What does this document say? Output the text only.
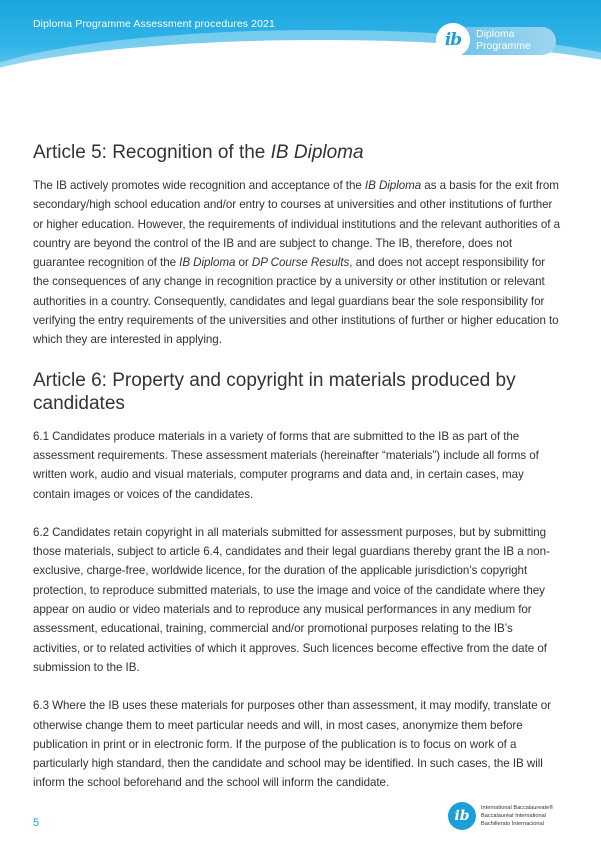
Diploma Programme Assessment procedures 2021
ib Diploma
Programme
Article 5: Recognition of the IB Diploma

The IB actively promotes wide recognition and acceptance of the IB Diploma as a basis for the exit from secondary/high school education and/or entry to courses at universities and other institutions of further or higher education. However, the requirements of individual institutions and the relevant authorities of a country are beyond the control of the IB and are subject to change. The IB, therefore, does not guarantee recognition of the IB Diploma or DP Course Results, and does not accept responsibility for the consequences of any change in recognition practice by a university or other institution or relevant authorities in a country. Consequently, candidates and legal guardians bear the sole responsibility for verifying the entry requirements of the universities and other institutions of further or higher education to which they are interested in applying.

Article 6: Property and copyright in materials produced by candidates

6.1 Candidates produce materials in a variety of forms that are submitted to the IB as part of the assessment requirements. These assessment materials (hereinafter “materials”) include all forms of written work, audio and visual materials, computer programs and data and, in certain cases, may contain images or voices of the candidates.

6.2 Candidates retain copyright in all materials submitted for assessment purposes, but by submitting those materials, subject to article 6.4, candidates and their legal guardians thereby grant the IB a non-exclusive, charge-free, worldwide licence, for the duration of the applicable jurisdiction’s copyright protection, to reproduce submitted materials, to use the image and voice of the candidate where they appear on audio or video materials and to reproduce any musical performances in any medium for assessment, educational, training, commercial and/or promotional purposes relating to the IB’s activities, or to related activities of which it approves. Such licences become effective from the date of submission to the IB.

6.3 Where the IB uses these materials for purposes other than assessment, it may modify, translate or otherwise change them to meet particular needs and will, in most cases, anonymize them before publication in print or in electronic form. If the purpose of the publication is to focus on work of a particularly high standard, then the candidate and school may be identified. In such cases, the IB will inform the school beforehand and the school will inform the candidate.

5	ib International Baccalaureate®
Baccalauréat International
Bachillerato Internacional
